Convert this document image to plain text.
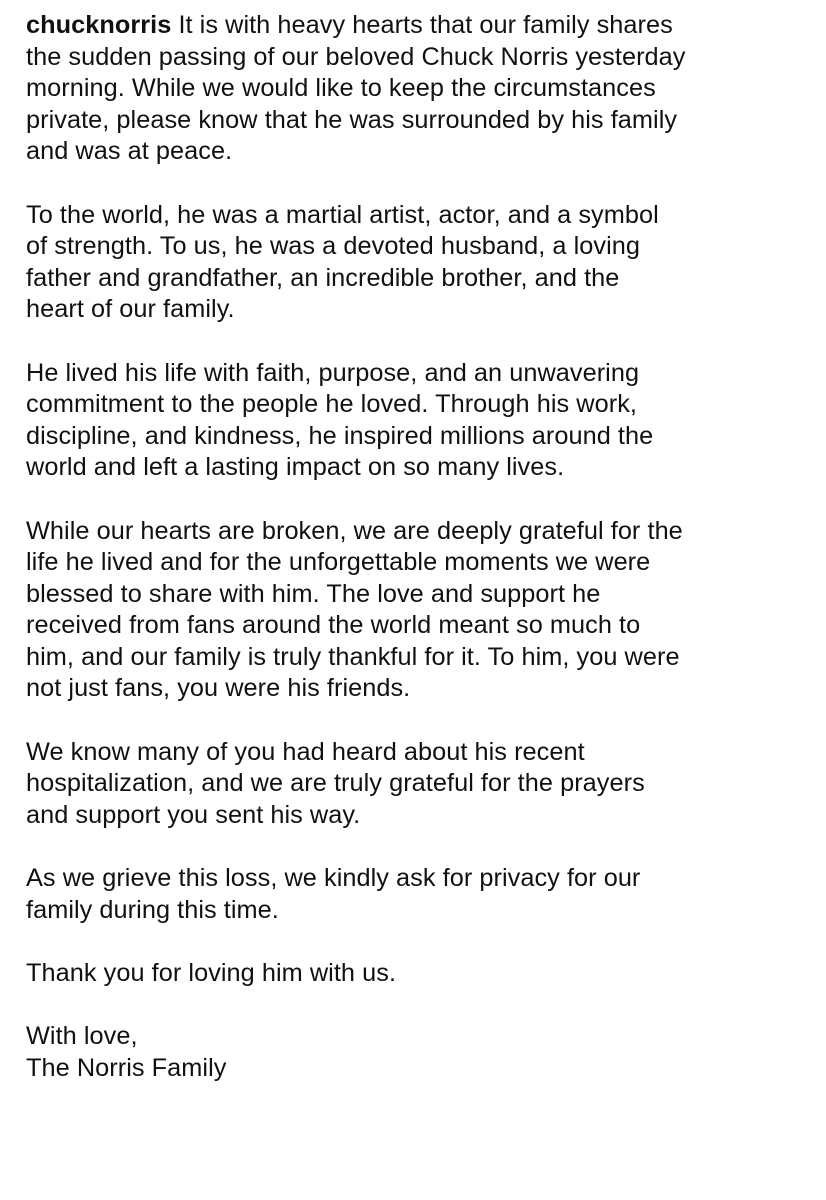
chucknorris It is with heavy hearts that our family shares
the sudden passing of our beloved Chuck Norris yesterday
morning. While we would like to keep the circumstances
private, please know that he was surrounded by his family
and was at peace.

To the world, he was a martial artist, actor, and a symbol
of strength. To us, he was a devoted husband, a loving
father and grandfather, an incredible brother, and the
heart of our family.

He lived his life with faith, purpose, and an unwavering
commitment to the people he loved. Through his work,
discipline, and kindness, he inspired millions around the
world and left a lasting impact on so many lives.

While our hearts are broken, we are deeply grateful for the
life he lived and for the unforgettable moments we were
blessed to share with him. The love and support he
received from fans around the world meant so much to
him, and our family is truly thankful for it. To him, you were
not just fans, you were his friends.

We know many of you had heard about his recent
hospitalization, and we are truly grateful for the prayers
and support you sent his way.

As we grieve this loss, we kindly ask for privacy for our
family during this time.

Thank you for loving him with us.

With love,
The Norris Family
